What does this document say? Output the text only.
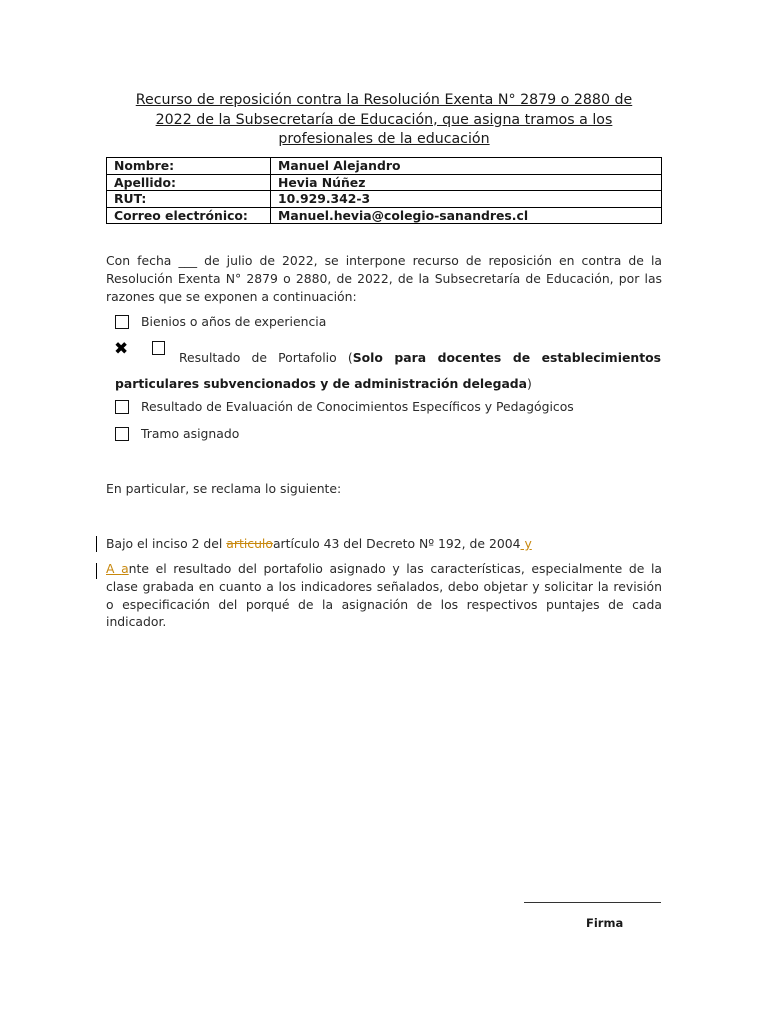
Recurso de reposición contra la Resolución Exenta N° 2879 o 2880 de
2022 de la Subsecretaría de Educación, que asigna tramos a los
profesionales de la educación
Nombre:	Manuel Alejandro
Apellido:	Hevia Núñez
RUT:	10.929.342-3
Correo electrónico:	Manuel.hevia@colegio-sanandres.cl
Con fecha ___ de julio de 2022, se interpone recurso de reposición en contra de la Resolución Exenta N° 2879 o 2880, de 2022, de la Subsecretaría de Educación, por las razones que se exponen a continuación:
Bienios o años de experiencia
✖	Resultado de Portafolio (Solo para docentes de establecimientos particulares subvencionados y de administración delegada)
Resultado de Evaluación de Conocimientos Específicos y Pedagógicos
Tramo asignado
En particular, se reclama lo siguiente:
Bajo el inciso 2 del articuloartículo 43 del Decreto Nº 192, de 2004 y
A ante el resultado del portafolio asignado y las características, especialmente de la clase grabada en cuanto a los indicadores señalados, debo objetar y solicitar la revisión o especificación del porqué de la asignación de los respectivos puntajes de cada indicador.
Firma
